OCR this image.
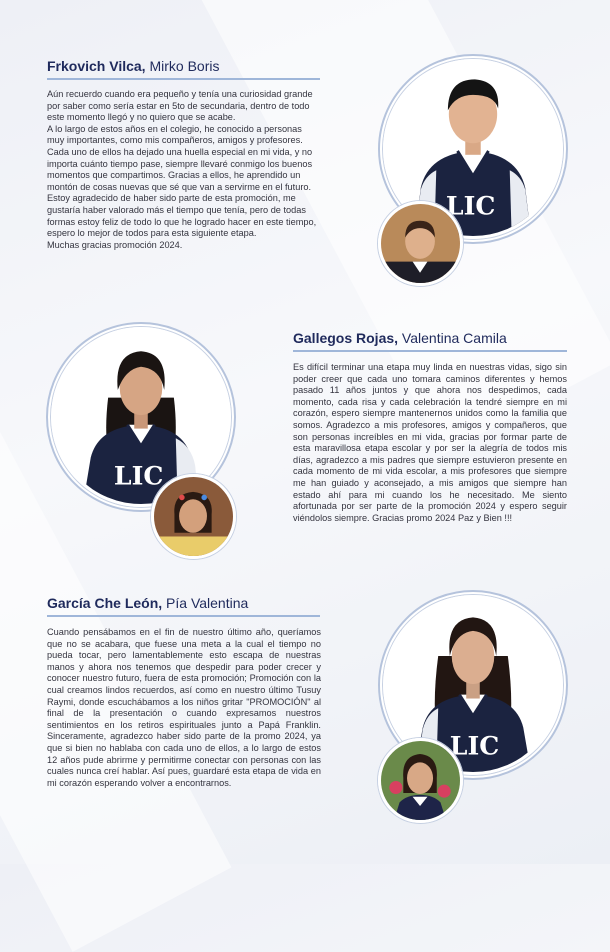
Frkovich Vilca, Mirko Boris

Aún recuerdo cuando era pequeño y tenía una curiosidad grande por saber como sería estar en 5to de secundaria, dentro de todo este momento llegó y no quiero que se acabe.

A lo largo de estos años en el colegio, he conocido a personas muy importantes, como mis compañeros, amigos y profesores. Cada uno de ellos ha dejado una huella especial en mi vida, y no importa cuánto tiempo pase, siempre llevaré conmigo los buenos momentos que compartimos. Gracias a ellos, he aprendido un montón de cosas nuevas que sé que van a servirme en el futuro.

Estoy agradecido de haber sido parte de esta promoción, me gustaría haber valorado más el tiempo que tenía, pero de todas formas estoy feliz de todo lo que he logrado hacer en este tiempo, espero lo mejor de todos para esta siguiente etapa.

Muchas gracias promoción 2024.

LIC
Gallegos Rojas, Valentina Camila

Es difícil terminar una etapa muy linda en nuestras vidas, sigo sin poder creer que cada uno tomara caminos diferentes y hemos pasado 11 años juntos y que ahora nos despedimos, cada momento, cada risa y cada celebración la tendré siempre en mi corazón, espero siempre mantenernos unidos como la familia que somos. Agradezco a mis profesores, amigos y compañeros, que son personas increíbles en mi vida, gracias por formar parte de esta maravillosa etapa escolar y por ser la alegría de todos mis días, agradezco a mis padres que siempre estuvieron presente en cada momento de mi vida escolar, a mis profesores que siempre me han guiado y aconsejado, a mis amigos que siempre han estado ahí para mi cuando los he necesitado. Me siento afortunada por ser parte de la promoción 2024 y espero seguir viéndolos siempre. Gracias promo 2024 Paz y Bien !!!

LIC
García Che León, Pía Valentina

Cuando pensábamos en el fin de nuestro último año, queríamos que no se acabara, que fuese una meta a la cual el tiempo no pueda tocar, pero lamentablemente esto escapa de nuestras manos y ahora nos tenemos que despedir para poder crecer y conocer nuestro futuro, fuera de esta promoción; Promoción con la cual creamos lindos recuerdos, así como en nuestro último Tusuy Raymi, donde escuchábamos a los niños gritar "PROMOCIÓN" al final de la presentación o cuando expresamos nuestros sentimientos en los retiros espirituales junto a Papá Franklin. Sinceramente, agradezco haber sido parte de la promo 2024, ya que si bien no hablaba con cada uno de ellos, a lo largo de estos 12 años pude abrirme y permitirme conectar con personas con las cuales nunca creí hablar. Así pues, guardaré esta etapa de vida en mi corazón esperando volver a encontrarnos.

LIC
